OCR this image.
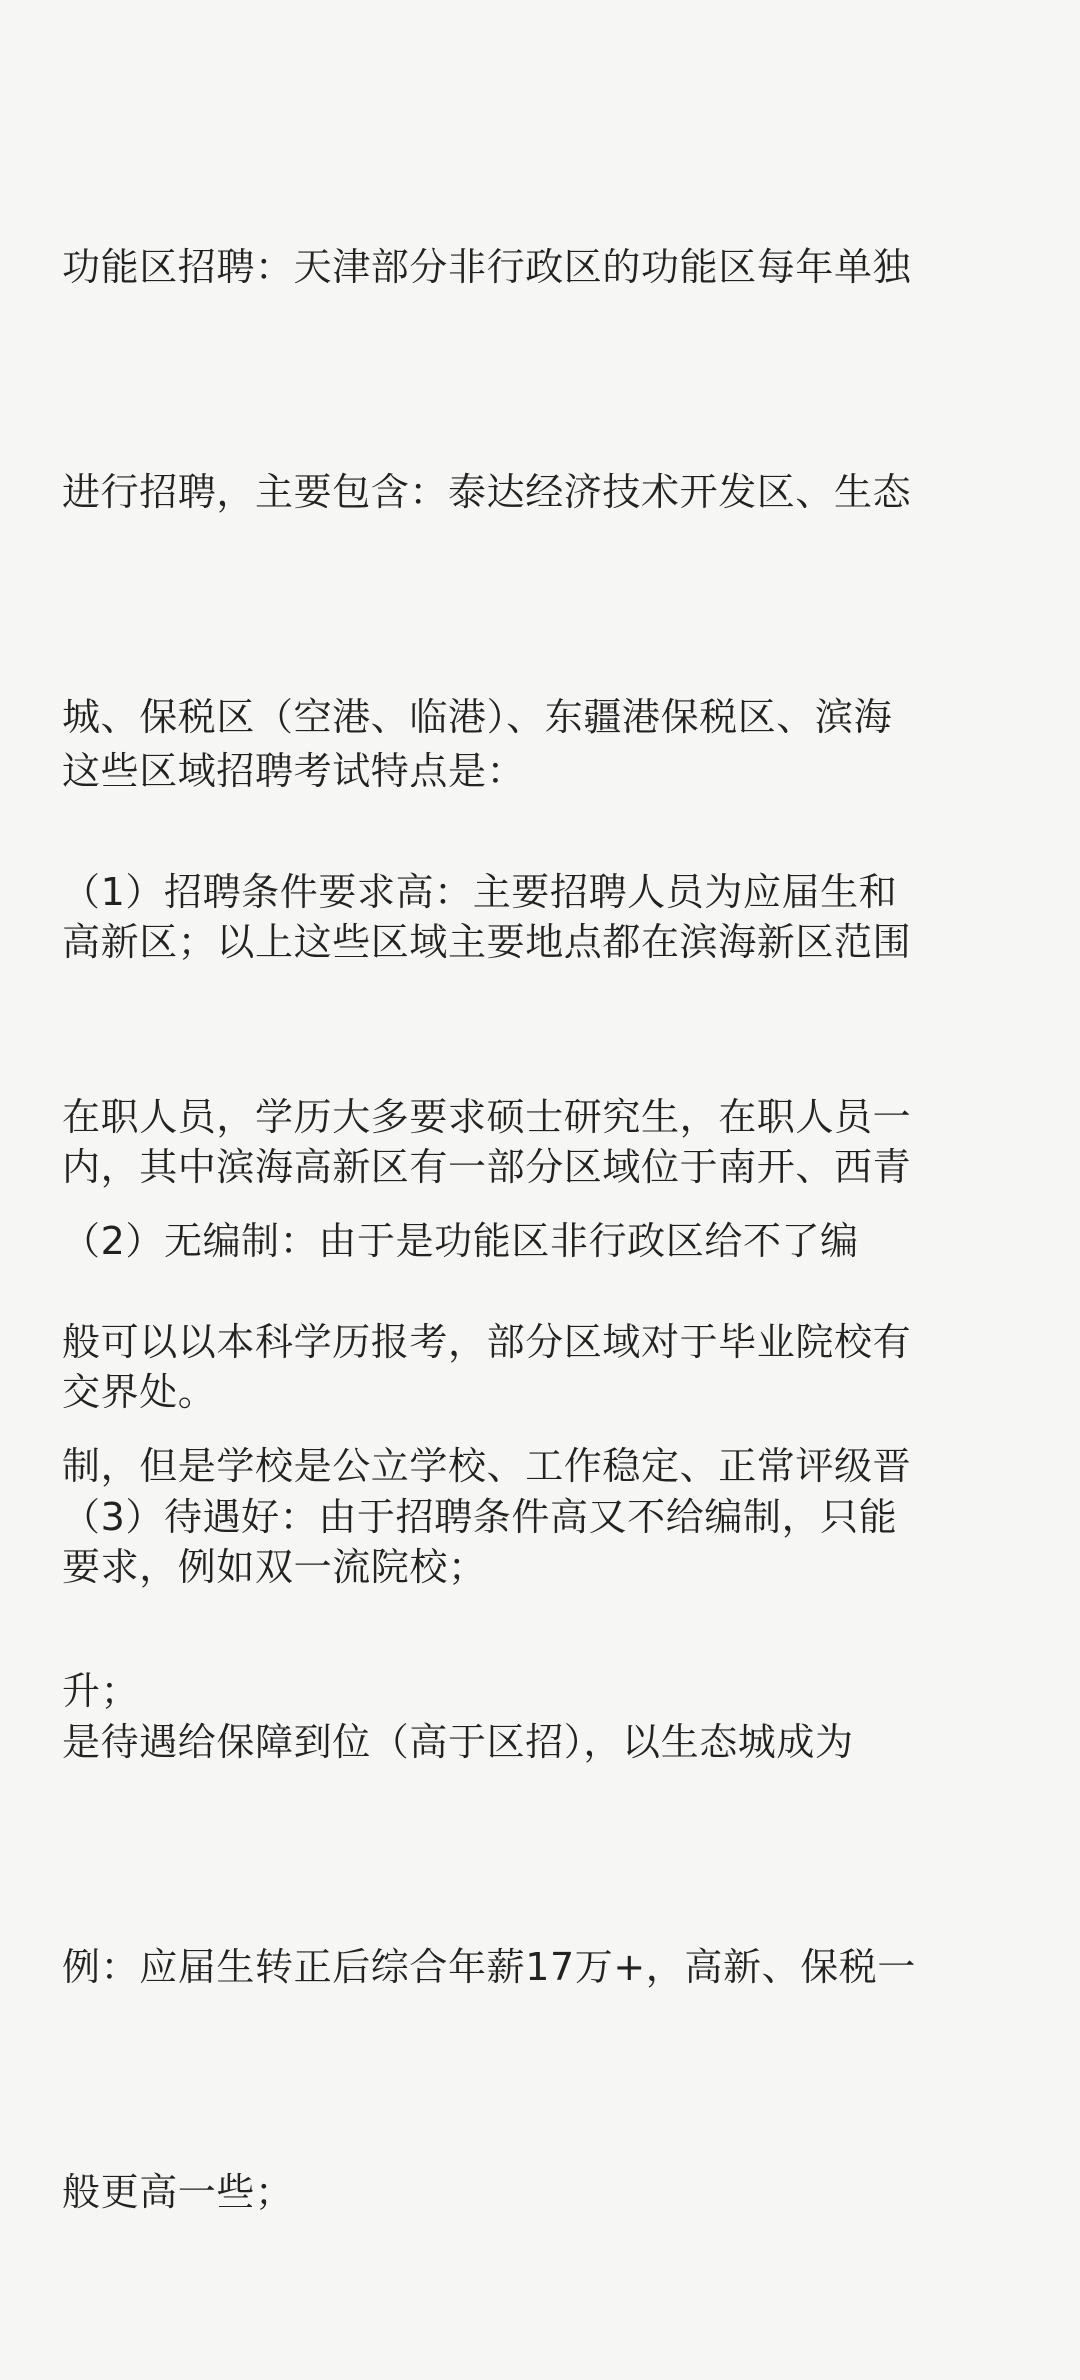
功能区招聘：天津部分非行政区的功能区每年单独

进行招聘，主要包含：泰达经济技术开发区、生态

城、保税区（空港、临港）、东疆港保税区、滨海

高新区；以上这些区域主要地点都在滨海新区范围

内，其中滨海高新区有一部分区域位于南开、西青

交界处。

这些区域招聘考试特点是：

（1）招聘条件要求高：主要招聘人员为应届生和

在职人员，学历大多要求硕士研究生，在职人员一

般可以以本科学历报考，部分区域对于毕业院校有

要求，例如双一流院校；

（2）无编制：由于是功能区非行政区给不了编

制，但是学校是公立学校、工作稳定、正常评级晋

升；

（3）待遇好：由于招聘条件高又不给编制，只能

是待遇给保障到位（高于区招），以生态城成为

例：应届生转正后综合年薪17万+，高新、保税一

般更高一些；
